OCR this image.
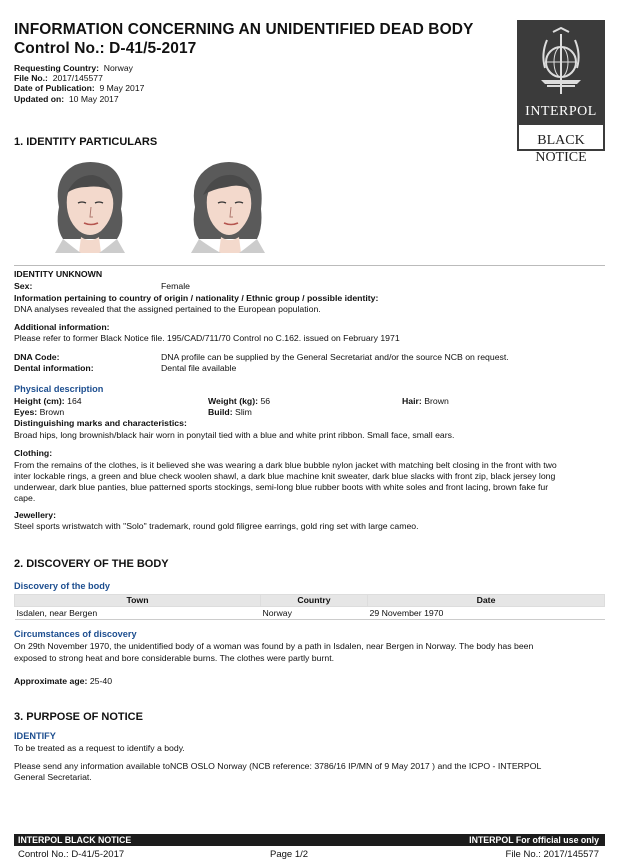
INFORMATION CONCERNING AN UNIDENTIFIED DEAD BODY
Control No.: D-41/5-2017
Requesting Country: Norway
File No.: 2017/145577
Date of Publication: 9 May 2017
Updated on: 10 May 2017
INTERPOL
BLACK
NOTICE
1. IDENTITY PARTICULARS
IDENTITY UNKNOWN
Sex:	Female
Information pertaining to country of origin / nationality / Ethnic group / possible identity:
DNA analyses revealed that the assigned pertained to the European population.
Additional information:
Please refer to former Black Notice file. 195/CAD/711/70 Control no C.162. issued on February 1971
DNA Code:	DNA profile can be supplied by the General Secretariat and/or the source NCB on request.
Dental information:	Dental file available
Physical description
Height (cm): 164	Weight (kg): 56	Hair: Brown
Eyes: Brown	Build: Slim
Distinguishing marks and characteristics:
Broad hips, long brownish/black hair worn in ponytail tied with a blue and white print ribbon. Small face, small ears.
Clothing:
From the remains of the clothes, is it believed she was wearing a dark blue bubble nylon jacket with matching belt closing in the front with two
inter lockable rings, a green and blue check woolen shawl, a dark blue machine knit sweater, dark blue slacks with front zip, black jersey long
underwear, dark blue panties, blue patterned sports stockings, semi-long blue rubber boots with white soles and front lacing, brown fake fur
cape.
Jewellery:
Steel sports wristwatch with "Solo" trademark, round gold filigree earrings, gold ring set with large cameo.
2. DISCOVERY OF THE BODY
Discovery of the body
Town	Country	Date
Isdalen, near Bergen	Norway	29 November 1970
Circumstances of discovery
On 29th November 1970, the unidentified body of a woman was found by a path in Isdalen, near Bergen in Norway. The body has been
exposed to strong heat and bore considerable burns. The clothes were partly burnt.
Approximate age: 25-40
3. PURPOSE OF NOTICE
IDENTIFY
To be treated as a request to identify a body.
Please send any information available toNCB OSLO Norway (NCB reference: 3786/16 IP/MN of 9 May 2017 ) and the ICPO - INTERPOL
General Secretariat.
INTERPOL BLACK NOTICE	INTERPOL For official use only
Control No.: D-41/5-2017	Page 1/2	File No.: 2017/145577
